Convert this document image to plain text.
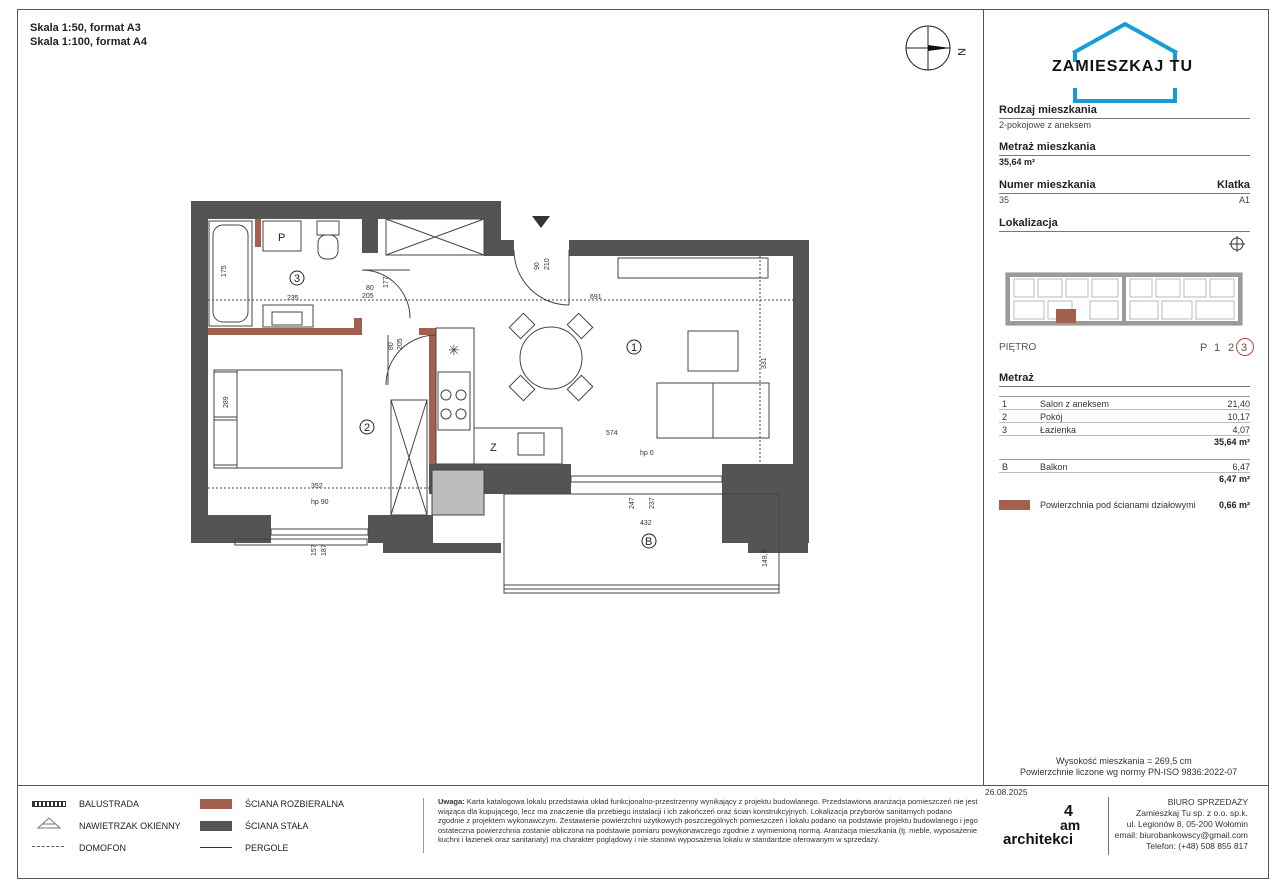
Skala 1:50, format A3
Skala 1:100, format A4
N
✳	1
2
3
B
P
Z
175
235
80
205
177
80 205
90 210
691
331
289
574
352
432
149,5
247 237
157 187
hp 0
hp 90
ZAMIESZKAJ TU
Rodzaj mieszkania
2-pokojowe z aneksem
Metraż mieszkania
35,64 m²
Numer mieszkania	Klatka
35	A1
Lokalizacja
PIĘTRO	P 1 2 3
Metraż
1	Salon z aneksem	21,40
2	Pokój	10,17
3	Łazienka	4,07
35,64 m²
B	Balkon	6,47
6,47 m²
Powierzchnia pod ścianami działowymi	0,66 m²
Wysokość mieszkania = 269,5 cm
Powierzchnie liczone wg normy PN-ISO 9836:2022-07
BALUSTRADA
NAWIETRZAK OKIENNY
DOMOFON
ŚCIANA ROZBIERALNA
ŚCIANA STAŁA
PERGOLE
Uwaga: Karta katalogowa lokalu przedstawia układ funkcjonalno-przestrzenny wynikający z projektu budowlanego. Przedstawiona aranżacja pomieszczeń nie jest wiążąca dla kupującego, lecz ma znaczenie dla przebiegu instalacji i ich zakończeń oraz ścian konstrukcyjnych. Lokalizacja przyborów sanitarnych podano zgodnie z projektem wykonawczym. Zestawienie powierzchni użytkowych poszczególnych pomieszczeń i lokalu podano na podstawie projektu budowlanego i jego ostateczna powierzchnia zostanie obliczona na podstawie pomiaru powykonawczego zgodnie z wymienioną normą. Aranżacja mieszkania (tj. meble, wyposażenie kuchni i łazienek oraz sanitariaty) ma charakter poglądowy i nie stanowi wyposażenia lokalu w standardzie oferowanym w sprzedaży.
26.08.2025
4
am
architekci
BIURO SPRZEDAŻY
Zamieszkaj Tu sp. z o.o. sp.k.
ul. Legionów 8, 05-200 Wołomin
email: biurobankowscy@gmail.com
Telefon: (+48) 508 855 817
